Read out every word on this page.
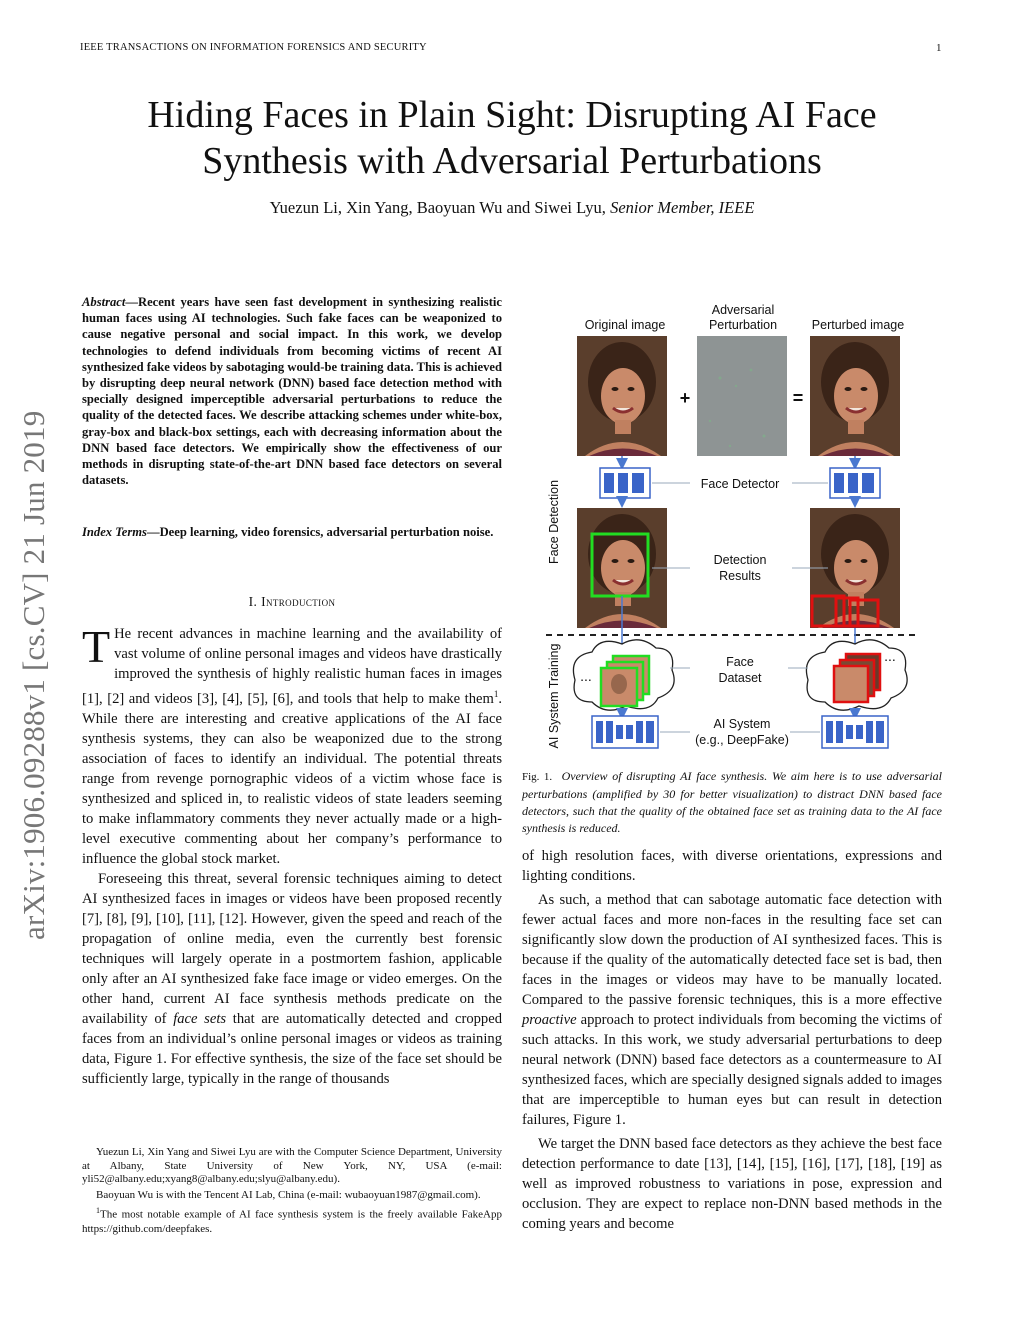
IEEE TRANSACTIONS ON INFORMATION FORENSICS AND SECURITY	1
Hiding Faces in Plain Sight: Disrupting AI Face
Synthesis with Adversarial Perturbations
Yuezun Li, Xin Yang, Baoyuan Wu and Siwei Lyu, Senior Member, IEEE
arXiv:1906.09288v1 [cs.CV] 21 Jun 2019
Abstract—Recent years have seen fast development in synthesizing realistic human faces using AI technologies. Such fake faces can be weaponized to cause negative personal and social impact. In this work, we develop technologies to defend individuals from becoming victims of recent AI synthesized fake videos by sabotaging would-be training data. This is achieved by disrupting deep neural network (DNN) based face detection method with specially designed imperceptible adversarial perturbations to reduce the quality of the detected faces. We describe attacking schemes under white-box, gray-box and black-box settings, each with decreasing information about the DNN based face detectors. We empirically show the effectiveness of our methods in disrupting state-of-the-art DNN based face detectors on several datasets.
Index Terms—Deep learning, video forensics, adversarial perturbation noise.
I. Introduction

T He recent advances in machine learning and the availability of vast volume of online personal images and videos have drastically improved the synthesis of highly realistic human faces in images [1], [2] and videos [3], [4], [5], [6], and tools that help to make them$^1$. While there are interesting and creative applications of the AI face synthesis systems, they can also be weaponized due to the strong association of faces to identify an individual. The potential threats range from revenge pornographic videos of a victim whose face is synthesized and spliced in, to realistic videos of state leaders seeming to make inflammatory comments they never actually made or a high-level executive commenting about her company’s performance to influence the global stock market.

Foreseeing this threat, several forensic techniques aiming to detect AI synthesized faces in images or videos have been proposed recently [7], [8], [9], [10], [11], [12]. However, given the speed and reach of the propagation of online media, even the currently best forensic techniques will largely operate in a postmortem fashion, applicable only after an AI synthesized fake face image or video emerges. On the other hand, current AI face synthesis methods predicate on the availability of face sets that are automatically detected and cropped faces from an individual’s online personal images or videos as training data, Figure 1. For effective synthesis, the size of the face set should be sufficiently large, typically in the range of thousands

Yuezun Li, Xin Yang and Siwei Lyu are with the Computer Science Department, University at Albany, State University of New York, NY, USA (e-mail: yli52@albany.edu;xyang8@albany.edu;slyu@albany.edu).

Baoyuan Wu is with the Tencent AI Lab, China (e-mail: wubaoyuan1987@gmail.com).

$^1$The most notable example of AI face synthesis system is the freely available FakeApp https://github.com/deepfakes.

Original image
Adversarial
Perturbation	Perturbed image
+	=
Face Detection
AI System Training
Face Detector
Detection
Results
...
...
Face
Dataset
AI System
(e.g., DeepFake)
Fig. 1. Overview of disrupting AI face synthesis. We aim here is to use adversarial perturbations (amplified by 30 for better visualization) to distract DNN based face detectors, such that the quality of the obtained face set as training data to the AI face synthesis is reduced.

of high resolution faces, with diverse orientations, expressions and lighting conditions.

As such, a method that can sabotage automatic face detection with fewer actual faces and more non-faces in the resulting face set can significantly slow down the production of AI synthesized faces. This is because if the quality of the automatically detected face set is bad, then faces in the images or videos may have to be manually located. Compared to the passive forensic techniques, this is a more effective proactive approach to protect individuals from becoming the victims of such attacks. In this work, we study adversarial perturbations to deep neural network (DNN) based face detectors as a countermeasure to AI synthesized faces, which are specially designed signals added to images that are imperceptible to human eyes but can result in detection failures, Figure 1.

We target the DNN based face detectors as they achieve the best face detection performance to date [13], [14], [15], [16], [17], [18], [19] as well as improved robustness to variations in pose, expression and occlusion. They are expect to replace non-DNN based methods in the coming years and become
